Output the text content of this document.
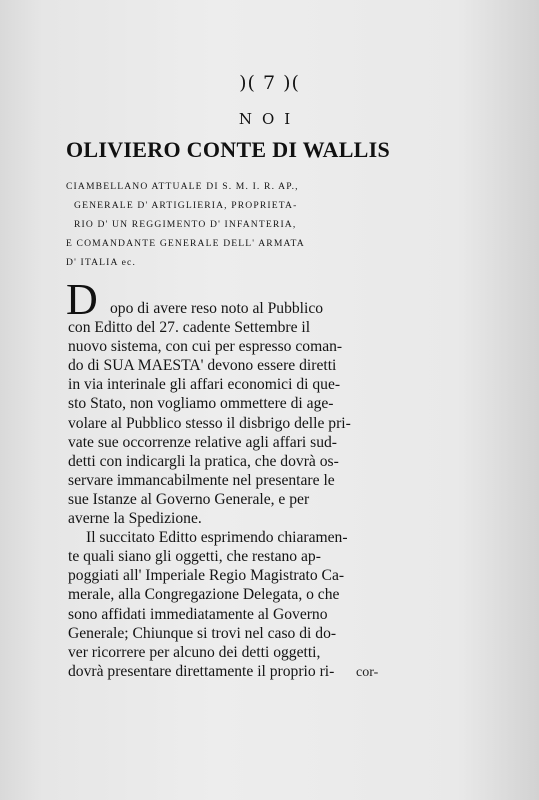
)( 7 )(
NOI
OLIVIERO CONTE DI WALLIS
CIAMBELLANO ATTUALE DI S. M. I. R. AP.,
GENERALE D' ARTIGLIERIA, PROPRIETA-
RIO D' UN REGGIMENTO D' INFANTERIA,
E COMANDANTE GENERALE DELL' ARMATA
D' ITALIA ec.
D opo di avere reso noto al Pubblico
con Editto del 27. cadente Settembre il
nuovo sistema, con cui per espresso coman-
do di SUA MAESTA' devono essere diretti
in via interinale gli affari economici di que-
sto Stato, non vogliamo ommettere di age-
volare al Pubblico stesso il disbrigo delle pri-
vate sue occorrenze relative agli affari sud-
detti con indicargli la pratica, che dovrà os-
servare immancabilmente nel presentare le
sue Istanze al Governo Generale, e per
averne la Spedizione.
Il succitato Editto esprimendo chiaramen-
te quali siano gli oggetti, che restano ap-
poggiati all' Imperiale Regio Magistrato Ca-
merale, alla Congregazione Delegata, o che
sono affidati immediatamente al Governo
Generale; Chiunque si trovi nel caso di do-
ver ricorrere per alcuno dei detti oggetti,
dovrà presentare direttamente il proprio ri-	cor-
